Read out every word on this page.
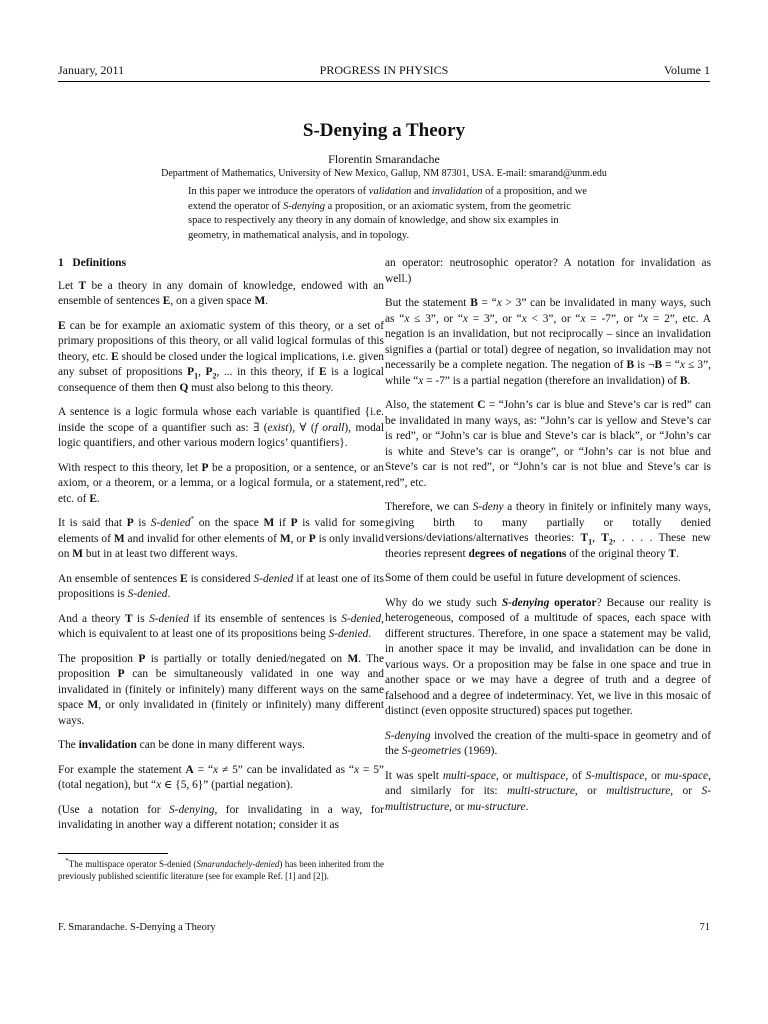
January, 2011	PROGRESS IN PHYSICS	Volume 1
S-Denying a Theory
Florentin Smarandache
Department of Mathematics, University of New Mexico, Gallup, NM 87301, USA. E-mail: smarand@unm.edu
In this paper we introduce the operators of validation and invalidation of a proposition, and we extend the operator of S-denying a proposition, or an axiomatic system, from the geometric space to respectively any theory in any domain of knowledge, and show six examples in geometry, in mathematical analysis, and in topology.
1 Definitions

Let T be a theory in any domain of knowledge, endowed with an ensemble of sentences E, on a given space M.

E can be for example an axiomatic system of this theory, or a set of primary propositions of this theory, or all valid logical formulas of this theory, etc. E should be closed under the logical implications, i.e. given any subset of propositions $P_1$, $P_2$, ... in this theory, if E is a logical consequence of them then Q must also belong to this theory.

A sentence is a logic formula whose each variable is quantified {i.e. inside the scope of a quantifier such as: ∃ (exist), ∀ (f orall), modal logic quantifiers, and other various modern logics’ quantifiers}.

With respect to this theory, let P be a proposition, or a sentence, or an axiom, or a theorem, or a lemma, or a logical formula, or a statement, etc. of E.

It is said that P is S-denied* on the space M if P is valid for some elements of M and invalid for other elements of M, or P is only invalid on M but in at least two different ways.

An ensemble of sentences E is considered S-denied if at least one of its propositions is S-denied.

And a theory T is S-denied if its ensemble of sentences is S-denied, which is equivalent to at least one of its propositions being S-denied.

The proposition P is partially or totally denied/negated on M. The proposition P can be simultaneously validated in one way and invalidated in (finitely or infinitely) many different ways on the same space M, or only invalidated in (finitely or infinitely) many different ways.

The invalidation can be done in many different ways.

For example the statement A = “x ≠ 5” can be invalidated as “x = 5” (total negation), but “x ∈ {5, 6}” (partial negation).

(Use a notation for S-denying, for invalidating in a way, for invalidating in another way a different notation; consider it as

*The multispace operator S-denied (Smarandachely-denied) has been inherited from the previously published scientific literature (see for example Ref. [1] and [2]).

an operator: neutrosophic operator? A notation for invalidation as well.)

But the statement B = “x > 3” can be invalidated in many ways, such as “x ≤ 3”, or “x = 3”, or “x < 3”, or “x = -7”, or “x = 2”, etc. A negation is an invalidation, but not reciprocally – since an invalidation signifies a (partial or total) degree of negation, so invalidation may not necessarily be a complete negation. The negation of B is ¬B = “x ≤ 3”, while “x = -7” is a partial negation (therefore an invalidation) of B.

Also, the statement C = “John’s car is blue and Steve’s car is red” can be invalidated in many ways, as: “John’s car is yellow and Steve’s car is red”, or “John’s car is blue and Steve’s car is black”, or “John’s car is white and Steve’s car is orange”, or “John’s car is not blue and Steve’s car is not red”, or “John’s car is not blue and Steve’s car is red”, etc.

Therefore, we can S-deny a theory in finitely or infinitely many ways, giving birth to many partially or totally denied versions/deviations/alternatives theories: $T_1$, $T_2$, . . . . These new theories represent degrees of negations of the original theory T.

Some of them could be useful in future development of sciences.

Why do we study such S-denying operator? Because our reality is heterogeneous, composed of a multitude of spaces, each space with different structures. Therefore, in one space a statement may be valid, in another space it may be invalid, and invalidation can be done in various ways. Or a proposition may be false in one space and true in another space or we may have a degree of truth and a degree of falsehood and a degree of indeterminacy. Yet, we live in this mosaic of distinct (even opposite structured) spaces put together.

S-denying involved the creation of the multi-space in geometry and of the S-geometries (1969).

It was spelt multi-space, or multispace, of S-multispace, or mu-space, and similarly for its: multi-structure, or multistructure, or S-multistructure, or mu-structure.

F. Smarandache. S-Denying a Theory	71
